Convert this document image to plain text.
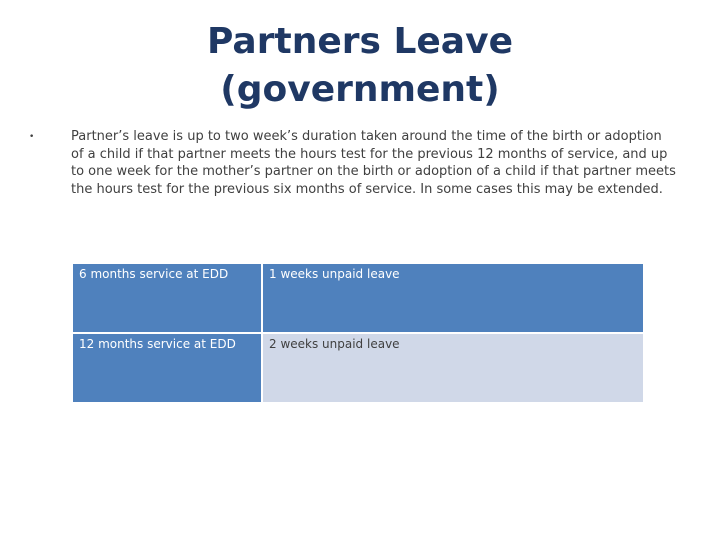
Partners Leave
(government)
•	Partner’s leave is up to two week’s duration taken around the time of the birth or adoption of a child if that partner meets the hours test for the previous 12 months of service, and up to one week for the mother’s partner on the birth or adoption of a child if that partner meets the hours test for the previous six months of service. In some cases this may be extended.

6 months service at EDD	1 weeks unpaid leave
12 months service at EDD	2 weeks unpaid leave
